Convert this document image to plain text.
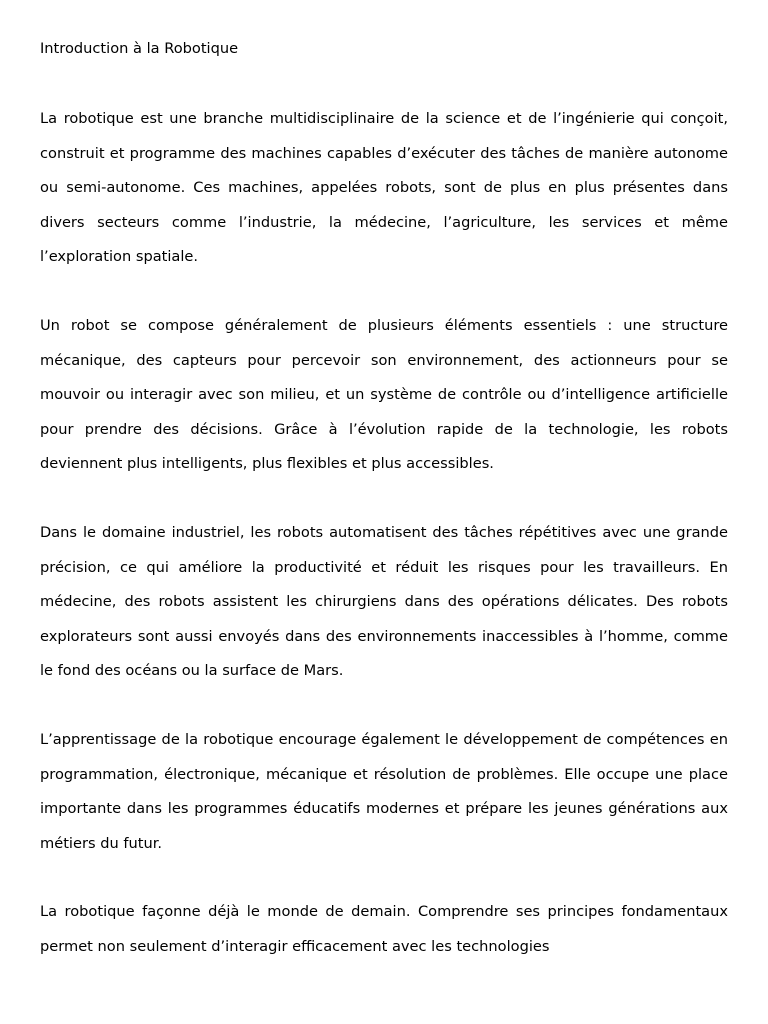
Introduction à la Robotique

La robotique est une branche multidisciplinaire de la science et de l’ingénierie qui conçoit, construit et programme des machines capables d’exécuter des tâches de manière autonome ou semi-autonome. Ces machines, appelées robots, sont de plus en plus présentes dans divers secteurs comme l’industrie, la médecine, l’agriculture, les services et même l’exploration spatiale.

Un robot se compose généralement de plusieurs éléments essentiels : une structure mécanique, des capteurs pour percevoir son environnement, des actionneurs pour se mouvoir ou interagir avec son milieu, et un système de contrôle ou d’intelligence artificielle pour prendre des décisions. Grâce à l’évolution rapide de la technologie, les robots deviennent plus intelligents, plus flexibles et plus accessibles.

Dans le domaine industriel, les robots automatisent des tâches répétitives avec une grande précision, ce qui améliore la productivité et réduit les risques pour les travailleurs. En médecine, des robots assistent les chirurgiens dans des opérations délicates. Des robots explorateurs sont aussi envoyés dans des environnements inaccessibles à l’homme, comme le fond des océans ou la surface de Mars.

L’apprentissage de la robotique encourage également le développement de compétences en programmation, électronique, mécanique et résolution de problèmes. Elle occupe une place importante dans les programmes éducatifs modernes et prépare les jeunes générations aux métiers du futur.

La robotique façonne déjà le monde de demain. Comprendre ses principes fondamentaux permet non seulement d’interagir efficacement avec les technologies
